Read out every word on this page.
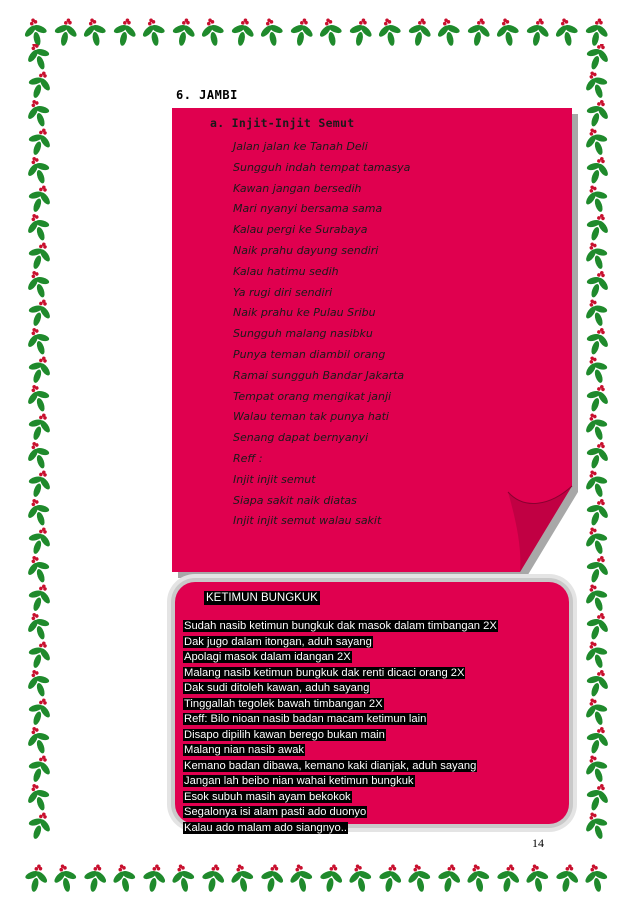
6. JAMBI
a. Injit-Injit Semut
Jalan jalan ke Tanah Deli
Sungguh indah tempat tamasya
Kawan jangan bersedih
Mari nyanyi bersama sama
Kalau pergi ke Surabaya
Naik prahu dayung sendiri
Kalau hatimu sedih
Ya rugi diri sendiri
Naik prahu ke Pulau Sribu
Sungguh malang nasibku
Punya teman diambil orang
Ramai sungguh Bandar Jakarta
Tempat orang mengikat janji
Walau teman tak punya hati
Senang dapat bernyanyi
Reff :
Injit injit semut
Siapa sakit naik diatas
Injit injit semut walau sakit
KETIMUN BUNGKUK
Sudah nasib ketimun bungkuk dak masok dalam timbangan 2X
Dak jugo dalam itongan, aduh sayang
Apolagi masok dalam idangan 2X
Malang nasib ketimun bungkuk dak renti dicaci orang 2X
Dak sudi ditoleh kawan, aduh sayang
Tinggallah tegolek bawah timbangan 2X
Reff: Bilo nioan nasib badan macam ketimun lain
Disapo dipilih kawan berego bukan main
Malang nian nasib awak
Kemano badan dibawa, kemano kaki dianjak, aduh sayang
Jangan lah beibo nian wahai ketimun bungkuk
Esok subuh masih ayam bekokok
Segalonya isi alam pasti ado duonyo
Kalau ado malam ado siangnyo..
14
